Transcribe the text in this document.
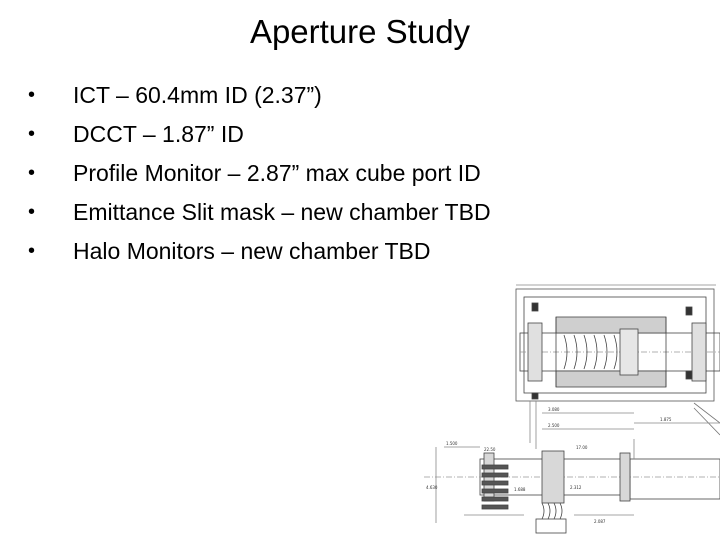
Aperture Study
• ICT – 60.4mm ID (2.37”)
• DCCT – 1.87” ID
• Profile Monitor – 2.87” max cube port ID
• Emittance Slit mask – new chamber TBD
• Halo Monitors – new chamber TBD
3.080
2.500
1.875
1.500
22.50	17.00
4.630	1.688	2.312
2.087
